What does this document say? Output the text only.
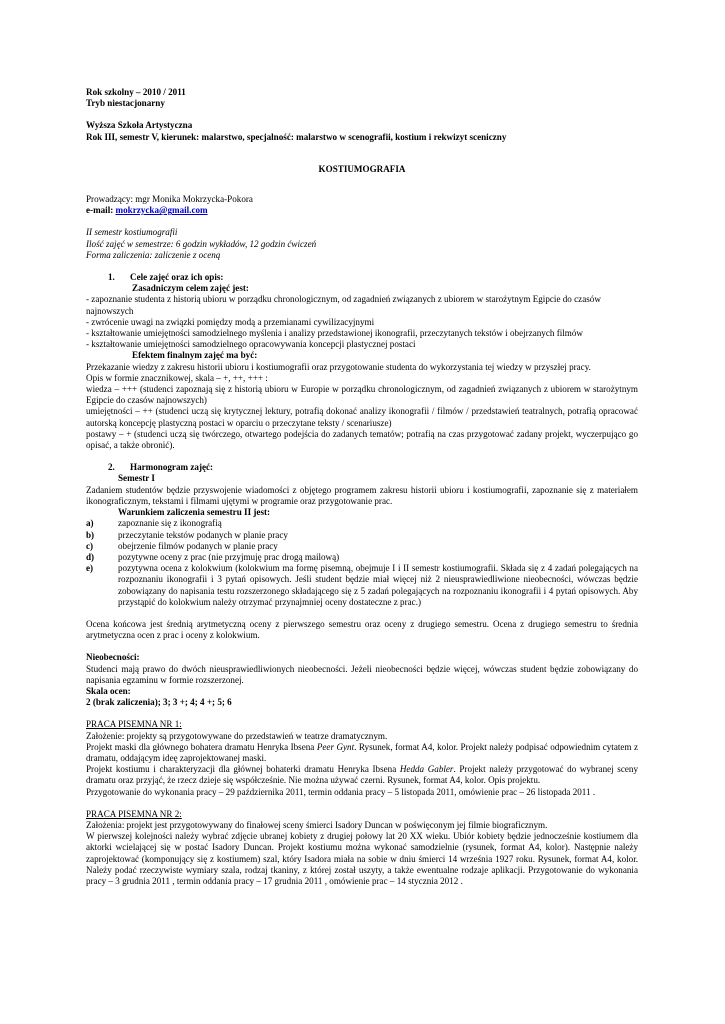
Rok szkolny – 2010 / 2011

Tryb niestacjonarny

Wyższa Szkoła Artystyczna

Rok III, semestr V, kierunek: malarstwo, specjalność: malarstwo w scenografii, kostium i rekwizyt sceniczny

KOSTIUMOGRAFIA

Prowadzący: mgr Monika Mokrzycka-Pokora

e-mail: mokrzycka@gmail.com

II semestr kostiumografii

Ilość zajęć w semestrze: 6 godzin wykładów, 12 godzin ćwiczeń

Forma zaliczenia: zaliczenie z oceną

1. Cele zajęć oraz ich opis:

Zasadniczym celem zajęć jest:

- zapoznanie studenta z historią ubioru w porządku chronologicznym, od zagadnień związanych z ubiorem w starożytnym Egipcie do czasów najnowszych

- zwrócenie uwagi na związki pomiędzy modą a przemianami cywilizacyjnymi

- kształtowanie umiejętności samodzielnego myślenia i analizy przedstawionej ikonografii, przeczytanych tekstów i obejrzanych filmów

- kształtowanie umiejętności samodzielnego opracowywania koncepcji plastycznej postaci

Efektem finalnym zajęć ma być:

Przekazanie wiedzy z zakresu historii ubioru i kostiumografii oraz przygotowanie studenta do wykorzystania tej wiedzy w przyszłej pracy.

Opis w formie znacznikowej, skala – +, ++, +++ :

wiedza – +++ (studenci zapoznają się z historią ubioru w Europie w porządku chronologicznym, od zagadnień związanych z ubiorem w starożytnym Egipcie do czasów najnowszych)

umiejętności – ++ (studenci uczą się krytycznej lektury, potrafią dokonać analizy ikonografii / filmów / przedstawień teatralnych, potrafią opracować autorską koncepcję plastyczną postaci w oparciu o przeczytane teksty / scenariusze)

postawy – + (studenci uczą się twórczego, otwartego podejścia do zadanych tematów; potrafią na czas przygotować zadany projekt, wyczerpująco go opisać, a także obronić).

2. Harmonogram zajęć:

Semestr I

Zadaniem studentów będzie przyswojenie wiadomości z objętego programem zakresu historii ubioru i kostiumografii, zapoznanie się z materiałem ikonograficznym, tekstami i filmami ujętymi w programie oraz przygotowanie prac.

Warunkiem zaliczenia semestru II jest:

a)	zapoznanie się z ikonografią
b)	przeczytanie tekstów podanych w planie pracy
c)	obejrzenie filmów podanych w planie pracy
d)	pozytywne oceny z prac (nie przyjmuję prac drogą mailową)
e)	pozytywna ocena z kolokwium (kolokwium ma formę pisemną, obejmuje I i II semestr kostiumografii. Składa się z 4 zadań polegających na rozpoznaniu ikonografii i 3 pytań opisowych. Jeśli student będzie miał więcej niż 2 nieusprawiedliwione nieobecności, wówczas będzie zobowiązany do napisania testu rozszerzonego składającego się z 5 zadań polegających na rozpoznaniu ikonografii i 4 pytań opisowych. Aby przystąpić do kolokwium należy otrzymać przynajmniej oceny dostateczne z prac.)

Ocena końcowa jest średnią arytmetyczną oceny z pierwszego semestru oraz oceny z drugiego semestru. Ocena z drugiego semestru to średnia arytmetyczna ocen z prac i oceny z kolokwium.

Nieobecności:

Studenci mają prawo do dwóch nieusprawiedliwionych nieobecności. Jeżeli nieobecności będzie więcej, wówczas student będzie zobowiązany do napisania egzaminu w formie rozszerzonej.

Skala ocen:

2 (brak zaliczenia); 3; 3 +; 4; 4 +; 5; 6

PRACA PISEMNA NR 1:

Założenie: projekty są przygotowywane do przedstawień w teatrze dramatycznym.

Projekt maski dla głównego bohatera dramatu Henryka Ibsena Peer Gynt. Rysunek, format A4, kolor. Projekt należy podpisać odpowiednim cytatem z dramatu, oddającym ideę zaprojektowanej maski.

Projekt kostiumu i charakteryzacji dla głównej bohaterki dramatu Henryka Ibsena Hedda Gabler. Projekt należy przygotować do wybranej sceny dramatu oraz przyjąć, że rzecz dzieje się współcześnie. Nie można używać czerni. Rysunek, format A4, kolor. Opis projektu.

Przygotowanie do wykonania pracy – 29 października 2011, termin oddania pracy – 5 listopada 2011, omówienie prac – 26 listopada 2011 .

PRACA PISEMNA NR 2:

Założenia: projekt jest przygotowywany do finałowej sceny śmierci Isadory Duncan w poświęconym jej filmie biograficznym.

W pierwszej kolejności należy wybrać zdjęcie ubranej kobiety z drugiej połowy lat 20 XX wieku. Ubiór kobiety będzie jednocześnie kostiumem dla aktorki wcielającej się w postać Isadory Duncan. Projekt kostiumu można wykonać samodzielnie (rysunek, format A4, kolor). Następnie należy zaprojektować (komponujący się z kostiumem) szal, który Isadora miała na sobie w dniu śmierci 14 września 1927 roku. Rysunek, format A4, kolor. Należy podać rzeczywiste wymiary szala, rodzaj tkaniny, z której został uszyty, a także ewentualne rodzaje aplikacji. Przygotowanie do wykonania pracy – 3 grudnia 2011 , termin oddania pracy – 17 grudnia 2011 , omówienie prac – 14 stycznia 2012 .
